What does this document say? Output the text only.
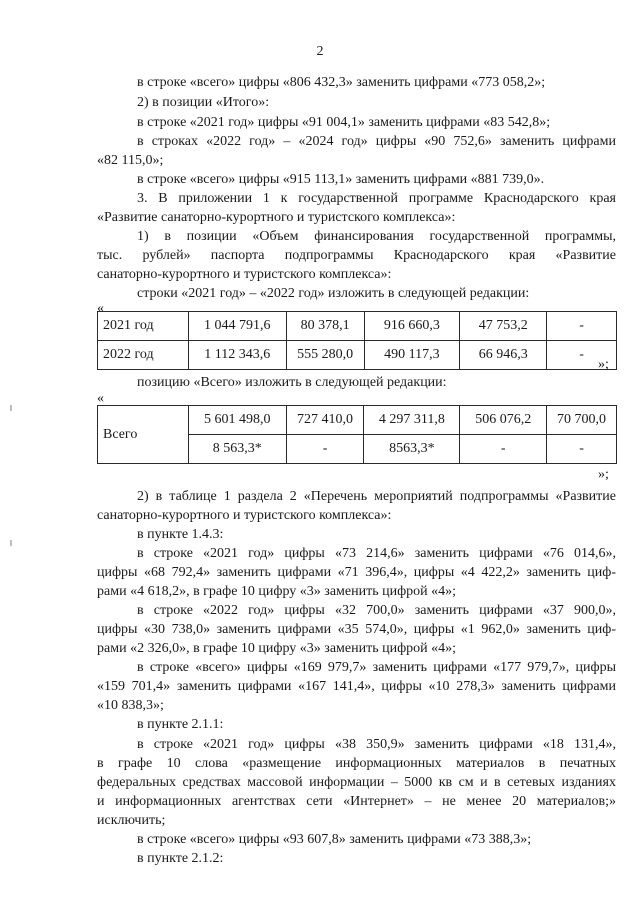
2
в строке «всего» цифры «806 432,3» заменить цифрами «773 058,2»;
2) в позиции «Итого»:
в строке «2021 год» цифры «91 004,1» заменить цифрами «83 542,8»;
в строках «2022 год» – «2024 год» цифры «90 752,6» заменить цифрами
«82 115,0»;
в строке «всего» цифры «915 113,1» заменить цифрами «881 739,0».
3. В приложении 1 к государственной программе Краснодарского края
«Развитие санаторно-курортного и туристского комплекса»:
1) в позиции «Объем финансирования государственной программы,
тыс. рублей» паспорта подпрограммы Краснодарского края «Развитие
санаторно-курортного и туристского комплекса»:
строки «2021 год» – «2022 год» изложить в следующей редакции:
«
2021 год	1 044 791,6	80 378,1	916 660,3	47 753,2	-
2022 год	1 112 343,6	555 280,0	490 117,3	66 946,3	-
»;
позицию «Всего» изложить в следующей редакции:
«
Всего	5 601 498,0	727 410,0	4 297 311,8	506 076,2	70 700,0
	8 563,3*	-	8563,3*	-	-
»;
2) в таблице 1 раздела 2 «Перечень мероприятий подпрограммы «Развитие
санаторно-курортного и туристского комплекса»:
в пункте 1.4.3:
в строке «2021 год» цифры «73 214,6» заменить цифрами «76 014,6»,
цифры «68 792,4» заменить цифрами «71 396,4», цифры «4 422,2» заменить циф-
рами «4 618,2», в графе 10 цифру «3» заменить цифрой «4»;
в строке «2022 год» цифры «32 700,0» заменить цифрами «37 900,0»,
цифры «30 738,0» заменить цифрами «35 574,0», цифры «1 962,0» заменить циф-
рами «2 326,0», в графе 10 цифру «3» заменить цифрой «4»;
в строке «всего» цифры «169 979,7» заменить цифрами «177 979,7», цифры
«159 701,4» заменить цифрами «167 141,4», цифры «10 278,3» заменить цифрами
«10 838,3»;
в пункте 2.1.1:
в строке «2021 год» цифры «38 350,9» заменить цифрами «18 131,4»,
в графе 10 слова «размещение информационных материалов в печатных
федеральных средствах массовой информации – 5000 кв см и в сетевых изданиях
и информационных агентствах сети «Интернет» – не менее 20 материалов;»
исключить;
в строке «всего» цифры «93 607,8» заменить цифрами «73 388,3»;
в пункте 2.1.2:
